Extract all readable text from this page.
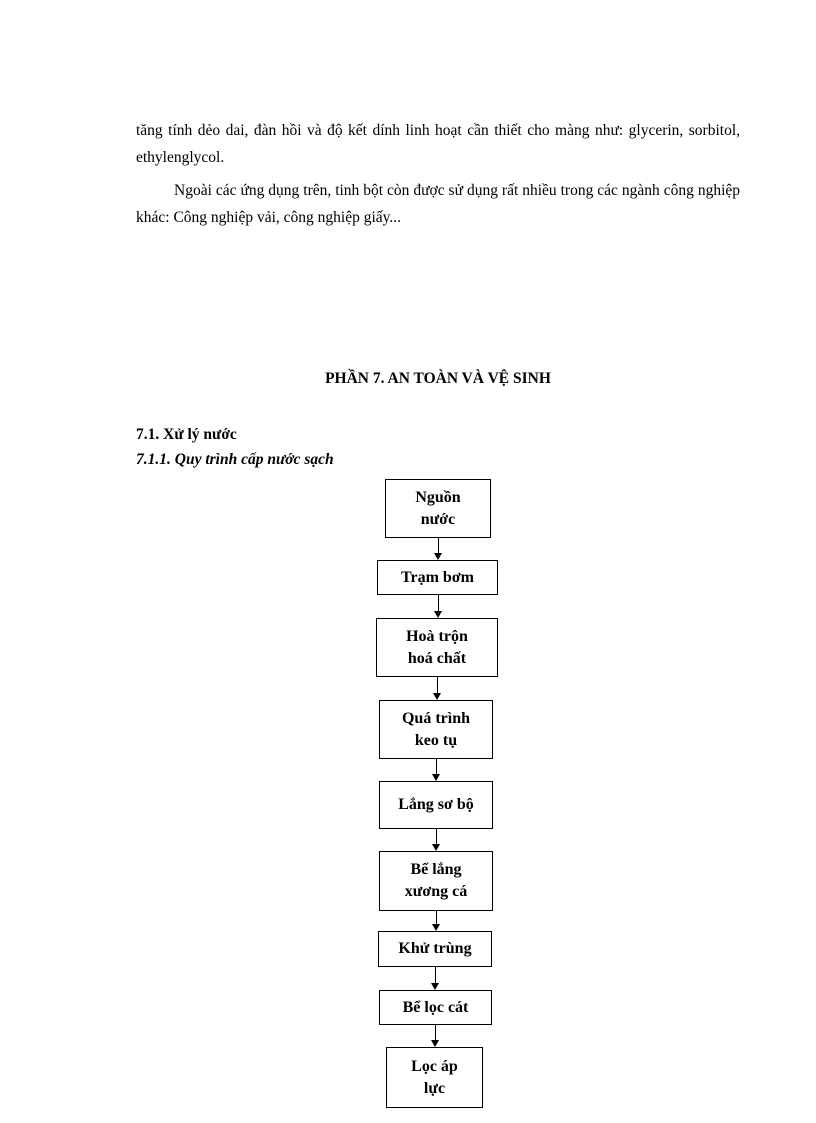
tăng tính dẻo dai, đàn hồi và độ kết dính linh hoạt cần thiết cho màng như: glycerin, sorbitol, ethylenglycol.

Ngoài các ứng dụng trên, tinh bột còn được sử dụng rất nhiều trong các ngành công nghiệp khác: Công nghiệp vải, công nghiệp giấy...

PHẦN 7. AN TOÀN VÀ VỆ SINH
7.1. Xử lý nước
7.1.1. Quy trình cấp nước sạch
Nguồn
nước
Trạm bơm
Hoà trộn
hoá chất
Quá trình
keo tụ
Lắng sơ bộ
Bể lắng
xương cá
Khử trùng
Bể lọc cát
Lọc áp
lực
